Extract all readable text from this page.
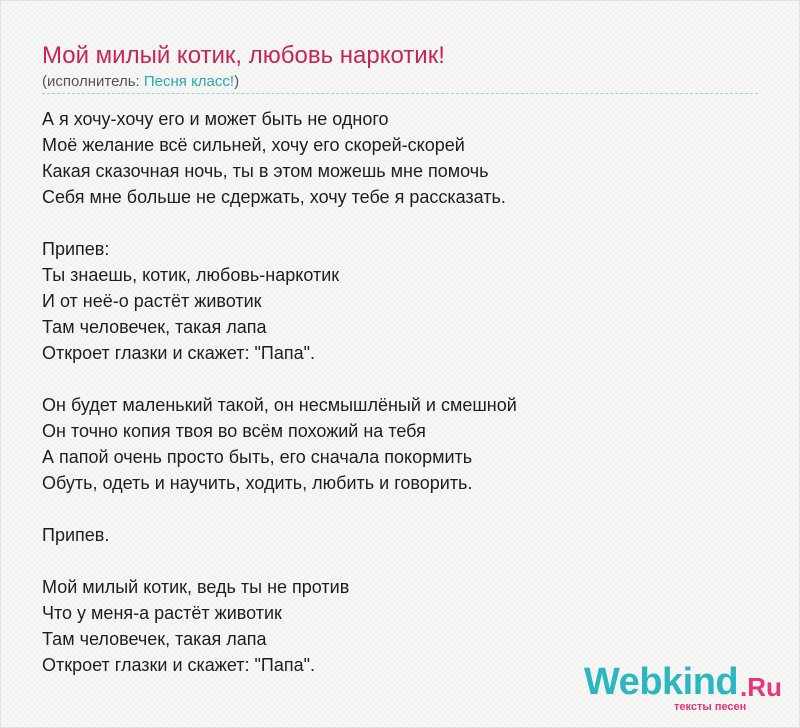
Мой милый котик, любовь наркотик!
(исполнитель: Песня класс!)
А я хочу-хочу его и может быть не одного
Моё желание всё сильней, хочу его скорей-скорей
Какая сказочная ночь, ты в этом можешь мне помочь
Себя мне больше не сдержать, хочу тебе я рассказать.
Припев:
Ты знаешь, котик, любовь-наркотик
И от неё-о растёт животик
Там человечек, такая лапа
Откроет глазки и скажет: "Папа".
Он будет маленький такой, он несмышлёный и смешной
Он точно копия твоя во всём похожий на тебя
А папой очень просто быть, его сначала покормить
Обуть, одеть и научить, ходить, любить и говорить.
Припев.
Мой милый котик, ведь ты не против
Что у меня-а растёт животик
Там человечек, такая лапа
Откроет глазки и скажет: "Папа".	Webkind .Ru
тексты песен
